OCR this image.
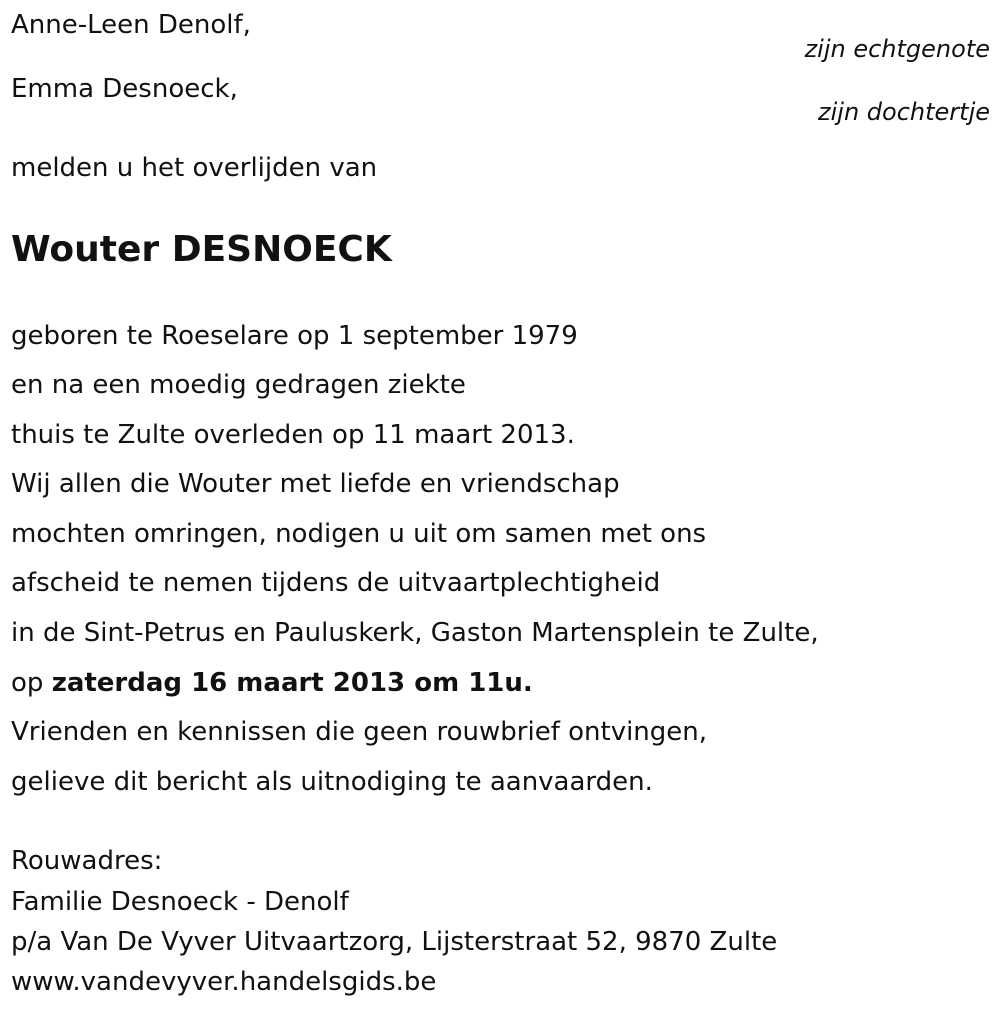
Anne-Leen Denolf,
zijn echtgenote
Emma Desnoeck,
zijn dochtertje
melden u het overlijden van
Wouter DESNOECK
geboren te Roeselare op 1 september 1979
en na een moedig gedragen ziekte
thuis te Zulte overleden op 11 maart 2013.
Wij allen die Wouter met liefde en vriendschap
mochten omringen, nodigen u uit om samen met ons
afscheid te nemen tijdens de uitvaartplechtigheid
in de Sint-Petrus en Pauluskerk, Gaston Martensplein te Zulte,
op zaterdag 16 maart 2013 om 11u.
Vrienden en kennissen die geen rouwbrief ontvingen,
gelieve dit bericht als uitnodiging te aanvaarden.
Rouwadres:
Familie Desnoeck - Denolf
p/a Van De Vyver Uitvaartzorg, Lijsterstraat 52, 9870 Zulte
www.vandevyver.handelsgids.be
